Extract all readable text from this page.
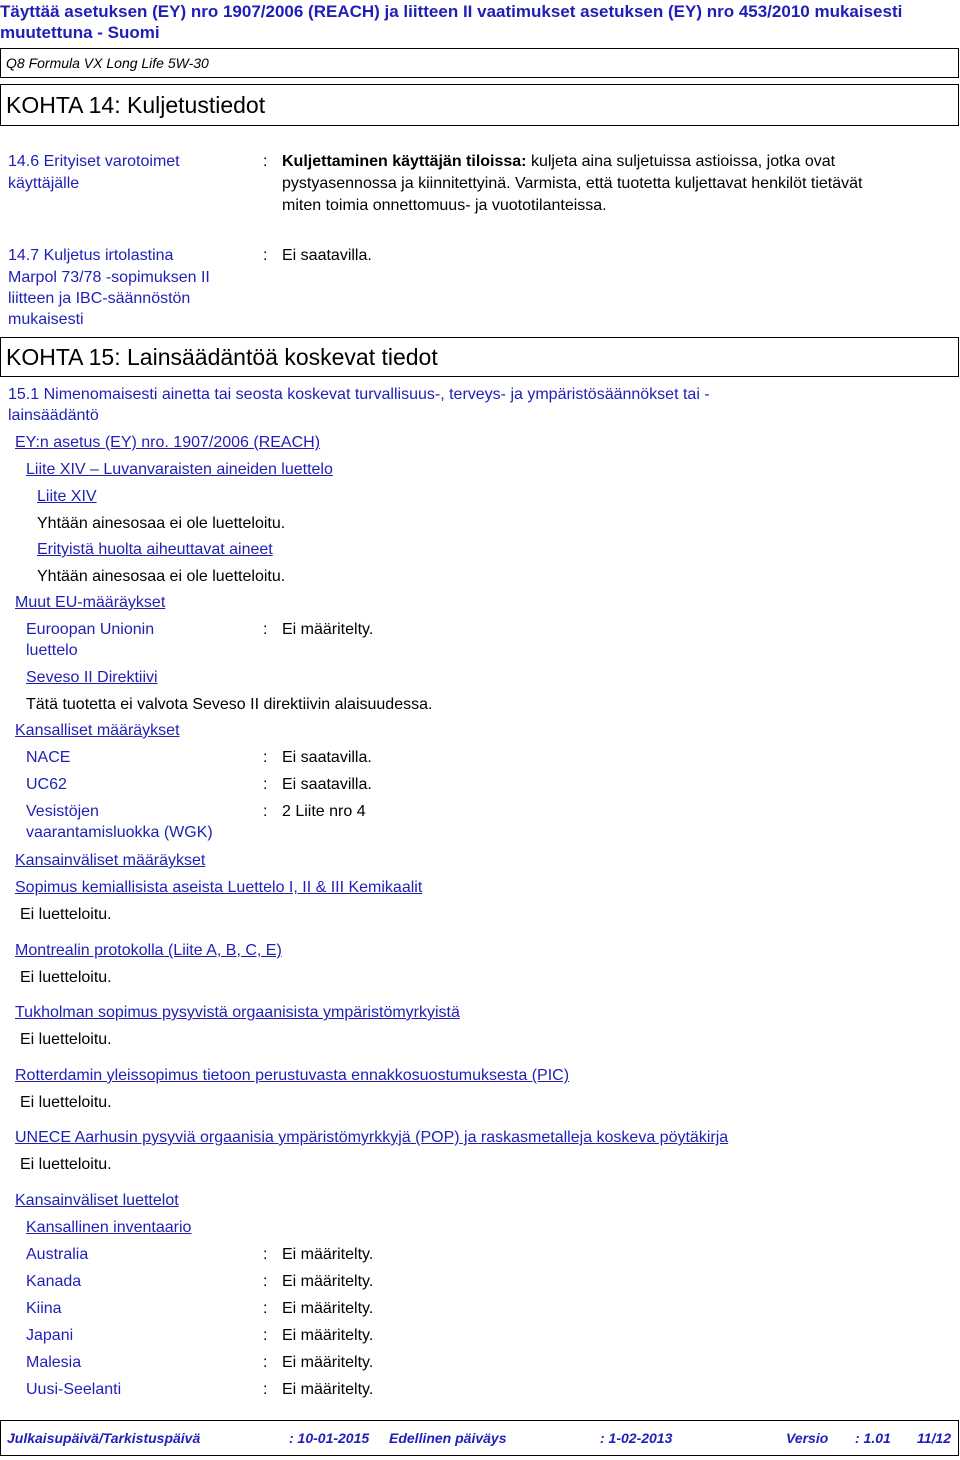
Täyttää asetuksen (EY) nro 1907/2006 (REACH) ja liitteen II vaatimukset asetuksen (EY) nro 453/2010 mukaisesti
muutettuna - Suomi
Q8 Formula VX Long Life 5W-30
KOHTA 14: Kuljetustiedot
14.6 Erityiset varotoimet
käyttäjälle
: Kuljettaminen käyttäjän tiloissa: kuljeta aina suljetuissa astioissa, jotka ovat
pystyasennossa ja kiinnitettyinä. Varmista, että tuotetta kuljettavat henkilöt tietävät
miten toimia onnettomuus- ja vuototilanteissa.
14.7 Kuljetus irtolastina
Marpol 73/78 -sopimuksen II
liitteen ja IBC-säännöstön
mukaisesti
: Ei saatavilla.
KOHTA 15: Lainsäädäntöä koskevat tiedot
15.1 Nimenomaisesti ainetta tai seosta koskevat turvallisuus-, terveys- ja ympäristösäännökset tai -
lainsäädäntö
EY:n asetus (EY) nro. 1907/2006 (REACH)
Liite XIV – Luvanvaraisten aineiden luettelo
Liite XIV
Yhtään ainesosaa ei ole luetteloitu.
Erityistä huolta aiheuttavat aineet
Yhtään ainesosaa ei ole luetteloitu.
Muut EU-määräykset
Euroopan Unionin
luettelo
: Ei määritelty.
Seveso II Direktiivi
Tätä tuotetta ei valvota Seveso II direktiivin alaisuudessa.
Kansalliset määräykset
NACE	: Ei saatavilla.
UC62	: Ei saatavilla.
Vesistöjen
vaarantamisluokka (WGK)
: 2 Liite nro 4
Kansainväliset määräykset
Sopimus kemiallisista aseista Luettelo I, II & III Kemikaalit
Ei luetteloitu.
Montrealin protokolla (Liite A, B, C, E)
Ei luetteloitu.
Tukholman sopimus pysyvistä orgaanisista ympäristömyrkyistä
Ei luetteloitu.
Rotterdamin yleissopimus tietoon perustuvasta ennakkosuostumuksesta (PIC)
Ei luetteloitu.
UNECE Aarhusin pysyviä orgaanisia ympäristömyrkkyjä (POP) ja raskasmetalleja koskeva pöytäkirja
Ei luetteloitu.
Kansainväliset luettelot
Kansallinen inventaario
Australia	: Ei määritelty.
Kanada	: Ei määritelty.
Kiina	: Ei määritelty.
Japani	: Ei määritelty.
Malesia	: Ei määritelty.
Uusi-Seelanti	: Ei määritelty.
Julkaisupäivä/Tarkistuspäivä	: 10-01-2015 Edellinen päiväys	: 1-02-2013	Versio : 1.01 11/12
